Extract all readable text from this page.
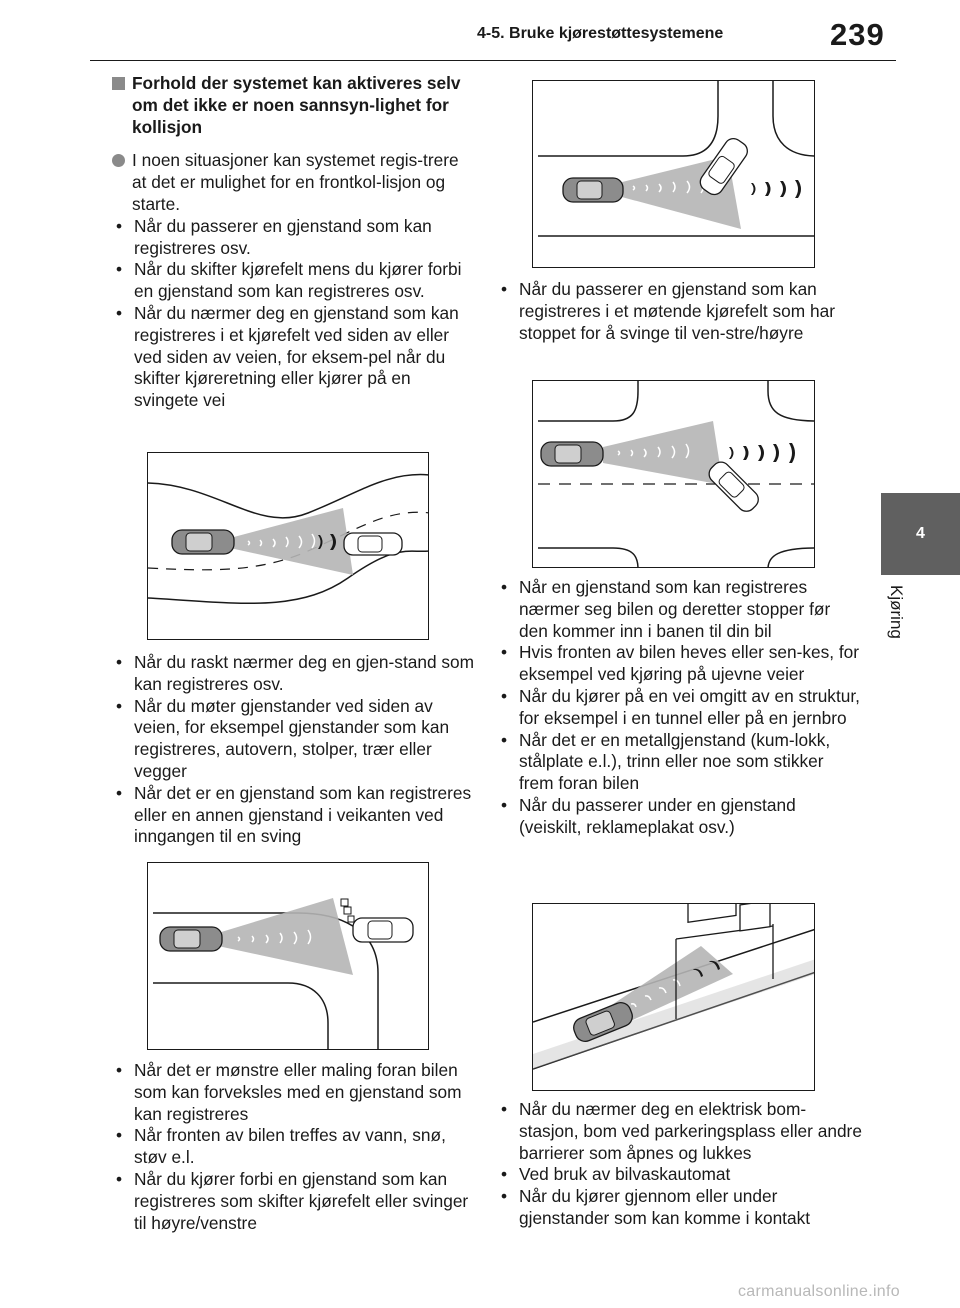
4-5. Bruke kjørestøttesystemene	239
4
Kjøring

Forhold der systemet kan aktiveres selv om det ikke er noen sannsyn-lighet for kollisjon

I noen situasjoner kan systemet regis-trere at det er mulighet for en frontkol-lisjon og starte.

• Når du passerer en gjenstand som kan registreres osv.
• Når du skifter kjørefelt mens du kjører forbi en gjenstand som kan registreres osv.
• Når du nærmer deg en gjenstand som kan registreres i et kjørefelt ved siden av eller ved siden av veien, for eksem-pel når du skifter kjøreretning eller kjører på en svingete vei
• Når du raskt nærmer deg en gjen-stand som kan registreres osv.
• Når du møter gjenstander ved siden av veien, for eksempel gjenstander som kan registreres, autovern, stolper, trær eller vegger
• Når det er en gjenstand som kan registreres eller en annen gjenstand i veikanten ved inngangen til en sving
• Når det er mønstre eller maling foran bilen som kan forveksles med en gjenstand som kan registreres
• Når fronten av bilen treffes av vann, snø, støv e.l.
• Når du kjører forbi en gjenstand som kan registreres som skifter kjørefelt eller svinger til høyre/venstre
• Når du passerer en gjenstand som kan registreres i et møtende kjørefelt som har stoppet for å svinge til ven-stre/høyre
• Når en gjenstand som kan registreres nærmer seg bilen og deretter stopper før den kommer inn i banen til din bil
• Hvis fronten av bilen heves eller sen-kes, for eksempel ved kjøring på ujevne veier
• Når du kjører på en vei omgitt av en struktur, for eksempel i en tunnel eller på en jernbro
• Når det er en metallgjenstand (kum-lokk, stålplate e.l.), trinn eller noe som stikker frem foran bilen
• Når du passerer under en gjenstand (veiskilt, reklameplakat osv.)
• Når du nærmer deg en elektrisk bom-stasjon, bom ved parkeringsplass eller andre barrierer som åpnes og lukkes
• Ved bruk av bilvaskautomat
• Når du kjører gjennom eller under gjenstander som kan komme i kontakt
carmanualsonline.info
